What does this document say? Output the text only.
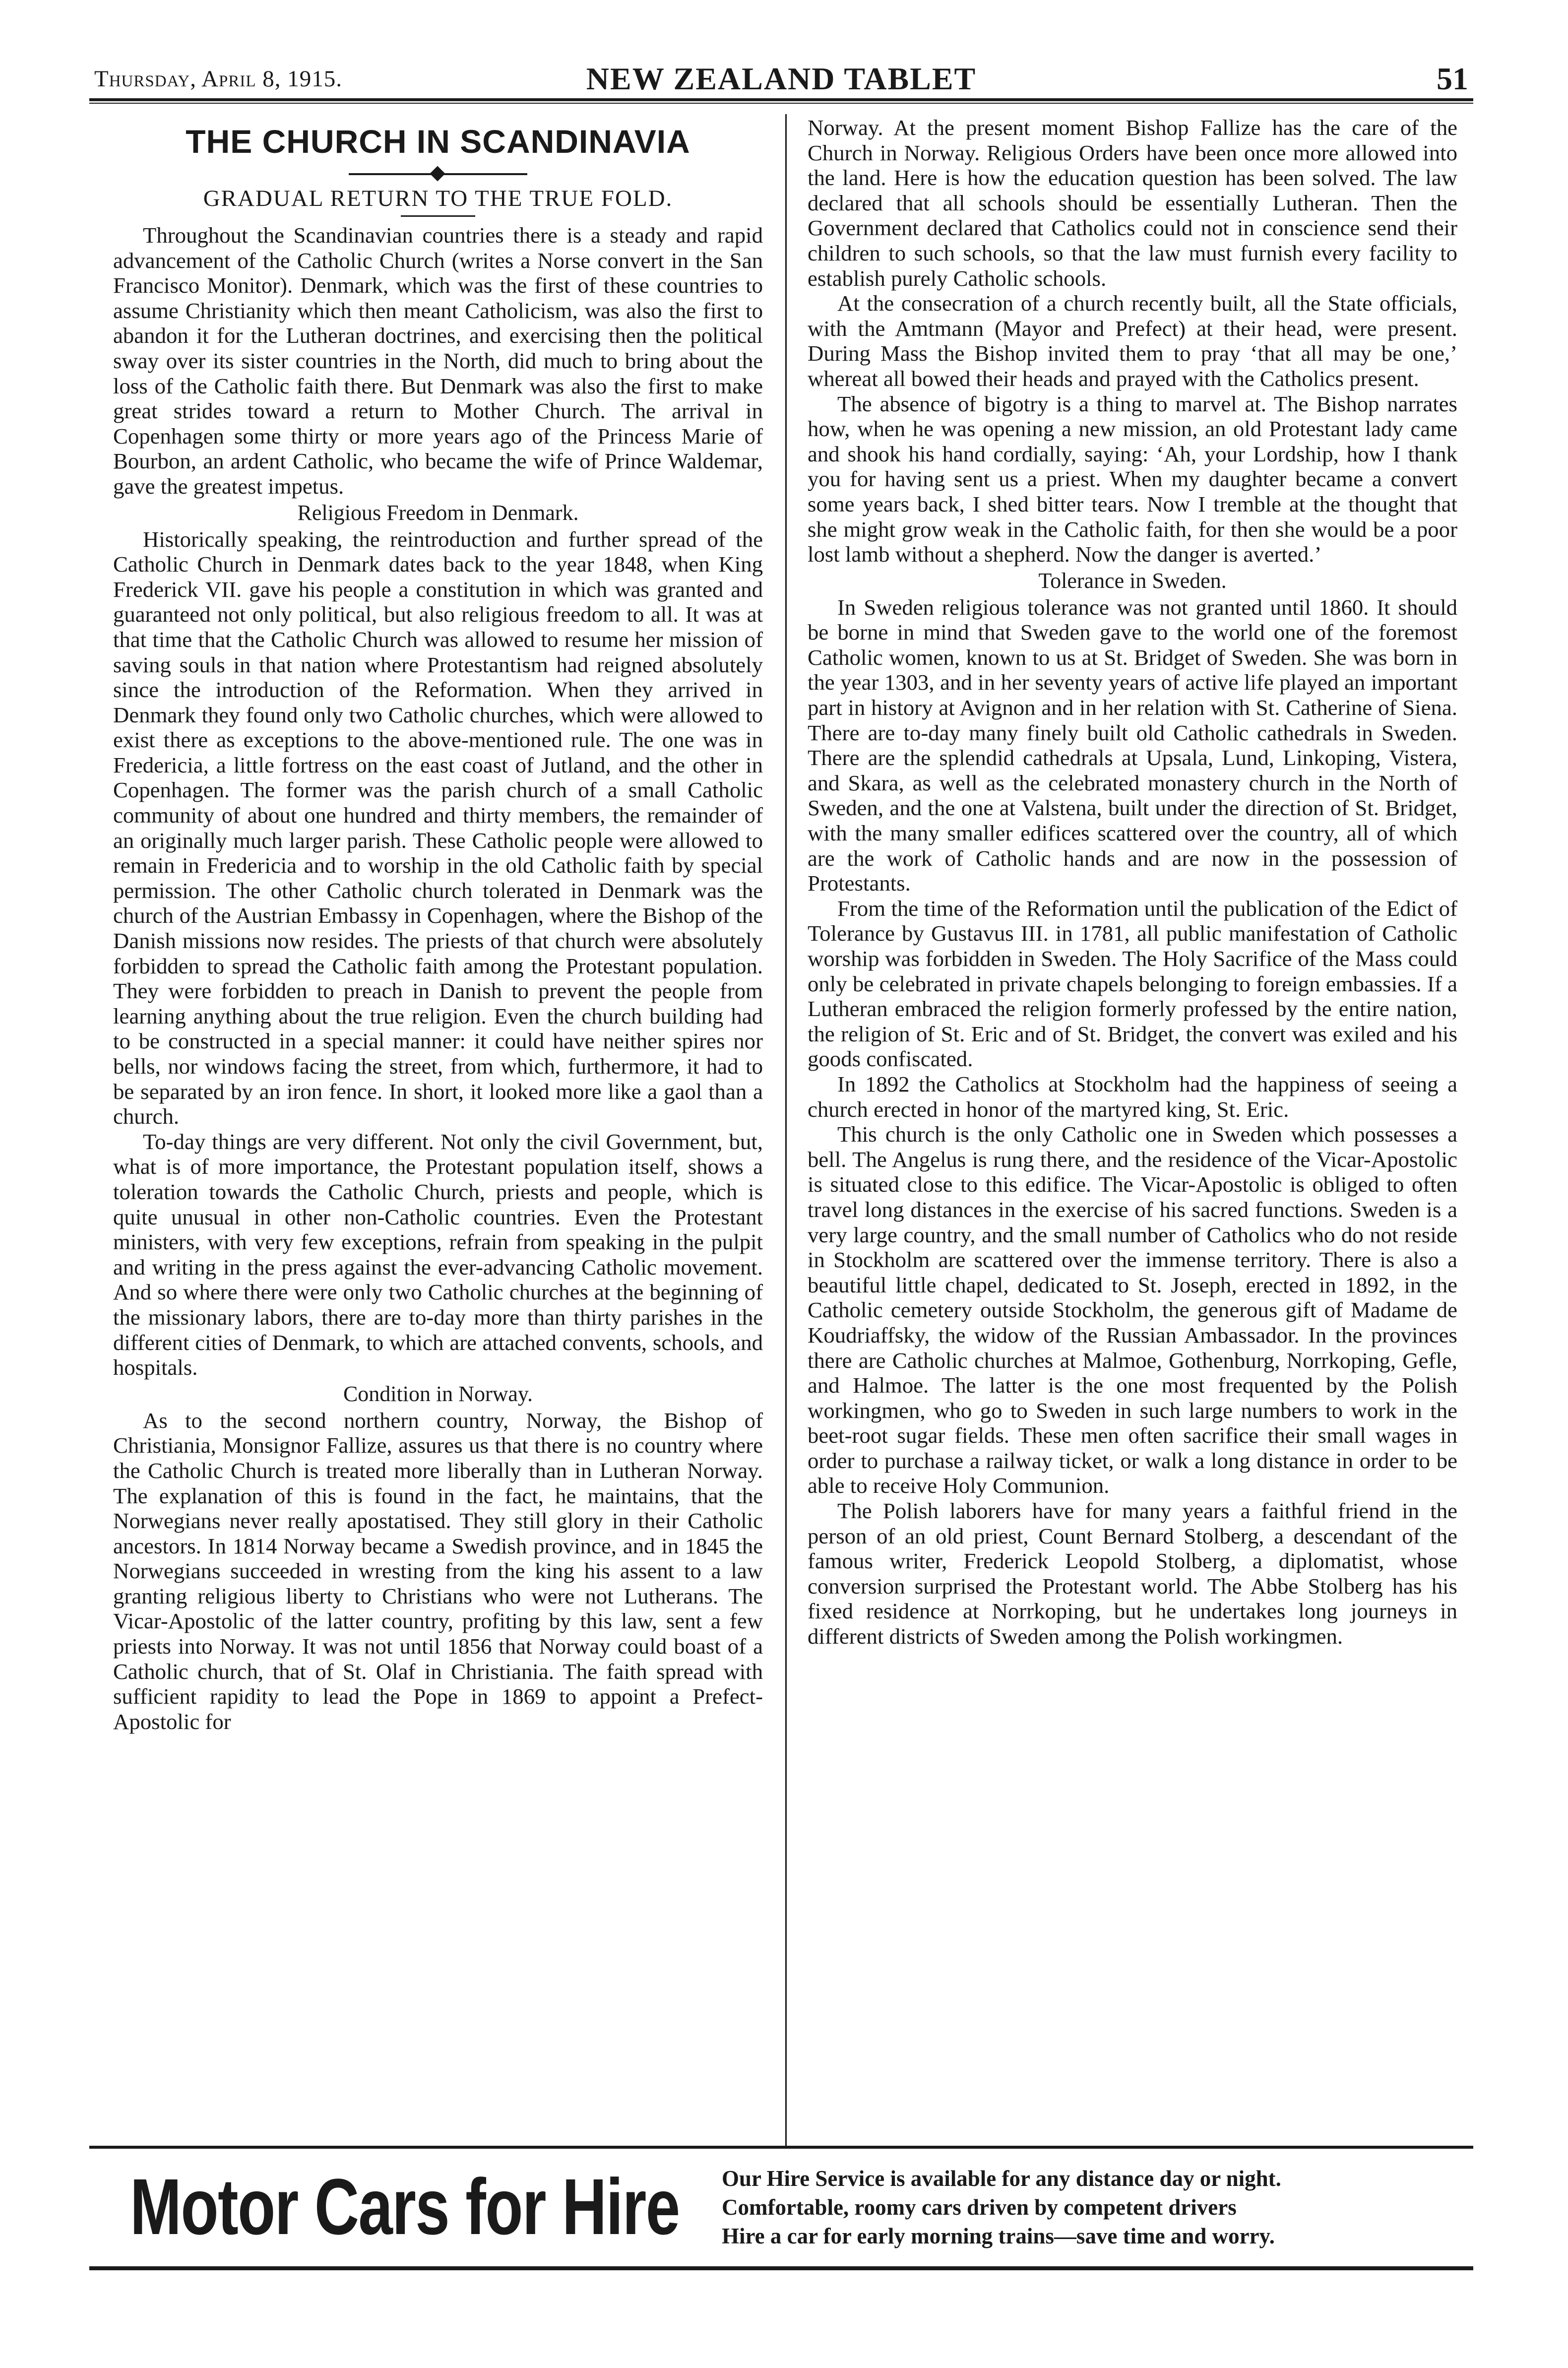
Thursday, April 8, 1915.	NEW ZEALAND TABLET	51
THE CHURCH IN SCANDINAVIA
GRADUAL RETURN TO THE TRUE FOLD.

Throughout the Scandinavian countries there is a steady and rapid advancement of the Catholic Church (writes a Norse convert in the San Francisco Monitor). Denmark, which was the first of these countries to assume Christianity which then meant Catholicism, was also the first to abandon it for the Lutheran doctrines, and exercising then the political sway over its sister countries in the North, did much to bring about the loss of the Catholic faith there. But Denmark was also the first to make great strides toward a return to Mother Church. The arrival in Copenhagen some thirty or more years ago of the Princess Marie of Bourbon, an ardent Catholic, who became the wife of Prince Waldemar, gave the greatest impetus.

Religious Freedom in Denmark.

Historically speaking, the reintroduction and further spread of the Catholic Church in Denmark dates back to the year 1848, when King Frederick VII. gave his people a constitution in which was granted and guaranteed not only political, but also religious freedom to all. It was at that time that the Catholic Church was allowed to resume her mission of saving souls in that nation where Protestantism had reigned absolutely since the introduction of the Reformation. When they arrived in Denmark they found only two Catholic churches, which were allowed to exist there as exceptions to the above-mentioned rule. The one was in Fredericia, a little fortress on the east coast of Jutland, and the other in Copenhagen. The former was the parish church of a small Catholic community of about one hundred and thirty members, the remainder of an originally much larger parish. These Catholic people were allowed to remain in Fredericia and to worship in the old Catholic faith by special permission. The other Catholic church tolerated in Denmark was the church of the Austrian Embassy in Copenhagen, where the Bishop of the Danish missions now resides. The priests of that church were absolutely forbidden to spread the Catholic faith among the Protestant population. They were forbidden to preach in Danish to prevent the people from learning anything about the true religion. Even the church building had to be constructed in a special manner: it could have neither spires nor bells, nor windows facing the street, from which, furthermore, it had to be separated by an iron fence. In short, it looked more like a gaol than a church.

To-day things are very different. Not only the civil Government, but, what is of more importance, the Protestant population itself, shows a toleration towards the Catholic Church, priests and people, which is quite unusual in other non-Catholic countries. Even the Protestant ministers, with very few exceptions, refrain from speaking in the pulpit and writing in the press against the ever-advancing Catholic movement. And so where there were only two Catholic churches at the beginning of the missionary labors, there are to-day more than thirty parishes in the different cities of Denmark, to which are attached convents, schools, and hospitals.

Condition in Norway.

As to the second northern country, Norway, the Bishop of Christiania, Monsignor Fallize, assures us that there is no country where the Catholic Church is treated more liberally than in Lutheran Norway. The explanation of this is found in the fact, he maintains, that the Norwegians never really apostatised. They still glory in their Catholic ancestors. In 1814 Norway became a Swedish province, and in 1845 the Norwegians succeeded in wresting from the king his assent to a law granting religious liberty to Christians who were not Lutherans. The Vicar-Apostolic of the latter country, profiting by this law, sent a few priests into Norway. It was not until 1856 that Norway could boast of a Catholic church, that of St. Olaf in Christiania. The faith spread with sufficient rapidity to lead the Pope in 1869 to appoint a Prefect-Apostolic for

Norway. At the present moment Bishop Fallize has the care of the Church in Norway. Religious Orders have been once more allowed into the land. Here is how the education question has been solved. The law declared that all schools should be essentially Lutheran. Then the Government declared that Catholics could not in conscience send their children to such schools, so that the law must furnish every facility to establish purely Catholic schools.

At the consecration of a church recently built, all the State officials, with the Amtmann (Mayor and Prefect) at their head, were present. During Mass the Bishop invited them to pray ‘that all may be one,’ whereat all bowed their heads and prayed with the Catholics present.

The absence of bigotry is a thing to marvel at. The Bishop narrates how, when he was opening a new mission, an old Protestant lady came and shook his hand cordially, saying: ‘Ah, your Lordship, how I thank you for having sent us a priest. When my daughter became a convert some years back, I shed bitter tears. Now I tremble at the thought that she might grow weak in the Catholic faith, for then she would be a poor lost lamb without a shepherd. Now the danger is averted.’

Tolerance in Sweden.

In Sweden religious tolerance was not granted until 1860. It should be borne in mind that Sweden gave to the world one of the foremost Catholic women, known to us at St. Bridget of Sweden. She was born in the year 1303, and in her seventy years of active life played an important part in history at Avignon and in her relation with St. Catherine of Siena. There are to-day many finely built old Catholic cathedrals in Sweden. There are the splendid cathedrals at Upsala, Lund, Linkoping, Vistera, and Skara, as well as the celebrated monastery church in the North of Sweden, and the one at Valstena, built under the direction of St. Bridget, with the many smaller edifices scattered over the country, all of which are the work of Catholic hands and are now in the possession of Protestants.

From the time of the Reformation until the publication of the Edict of Tolerance by Gustavus III. in 1781, all public manifestation of Catholic worship was forbidden in Sweden. The Holy Sacrifice of the Mass could only be celebrated in private chapels belonging to foreign embassies. If a Lutheran embraced the religion formerly professed by the entire nation, the religion of St. Eric and of St. Bridget, the convert was exiled and his goods confiscated.

In 1892 the Catholics at Stockholm had the happiness of seeing a church erected in honor of the martyred king, St. Eric.

This church is the only Catholic one in Sweden which possesses a bell. The Angelus is rung there, and the residence of the Vicar-Apostolic is situated close to this edifice. The Vicar-Apostolic is obliged to often travel long distances in the exercise of his sacred functions. Sweden is a very large country, and the small number of Catholics who do not reside in Stockholm are scattered over the immense territory. There is also a beautiful little chapel, dedicated to St. Joseph, erected in 1892, in the Catholic cemetery outside Stockholm, the generous gift of Madame de Koudriaffsky, the widow of the Russian Ambassador. In the provinces there are Catholic churches at Malmoe, Gothenburg, Norrkoping, Gefle, and Halmoe. The latter is the one most frequented by the Polish workingmen, who go to Sweden in such large numbers to work in the beet-root sugar fields. These men often sacrifice their small wages in order to purchase a railway ticket, or walk a long distance in order to be able to receive Holy Communion.

The Polish laborers have for many years a faithful friend in the person of an old priest, Count Bernard Stolberg, a descendant of the famous writer, Frederick Leopold Stolberg, a diplomatist, whose conversion surprised the Protestant world. The Abbe Stolberg has his fixed residence at Norrkoping, but he undertakes long journeys in different districts of Sweden among the Polish workingmen.

Motor Cars for Hire Our Hire Service is available for any distance day or night.
Comfortable, roomy cars driven by competent drivers
Hire a car for early morning trains—save time and worry.
